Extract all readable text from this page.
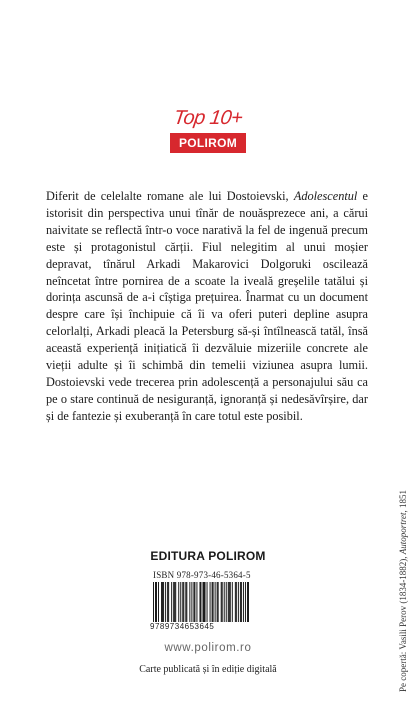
Top 10+
POLIROM

Diferit de celelalte romane ale lui Dostoievski, Adolescentul e istorisit din perspectiva unui tînăr de nouăsprezece ani, a cărui naivitate se reflectă într-o voce narativă la fel de ingenuă precum este și protagonistul cărții. Fiul nelegitim al unui moșier depravat, tînărul Arkadi Makarovici Dolgoruki oscilează neîncetat între pornirea de a scoate la iveală greșelile tatălui și dorința ascunsă de a-i cîștiga prețuirea. Înarmat cu un document despre care își închipuie că îi va oferi puteri depline asupra celorlalți, Arkadi pleacă la Petersburg să-și întîlnească tatăl, însă această experiență inițiatică îi dezvăluie mizeriile concrete ale vieții adulte și îi schimbă din temelii viziunea asupra lumii. Dostoievski vede trecerea prin adolescență a personajului său ca pe o stare continuă de nesiguranță, ignoranță și nedesăvîrșire, dar și de fantezie și exuberanță în care totul este posibil.

EDITURA POLIROM
ISBN 978-973-46-5364-5
9789734653645
www.polirom.ro
Carte publicată și în ediție digitală	Pe copertă: Vasili Perov (1834-1882), Autoportret, 1851
